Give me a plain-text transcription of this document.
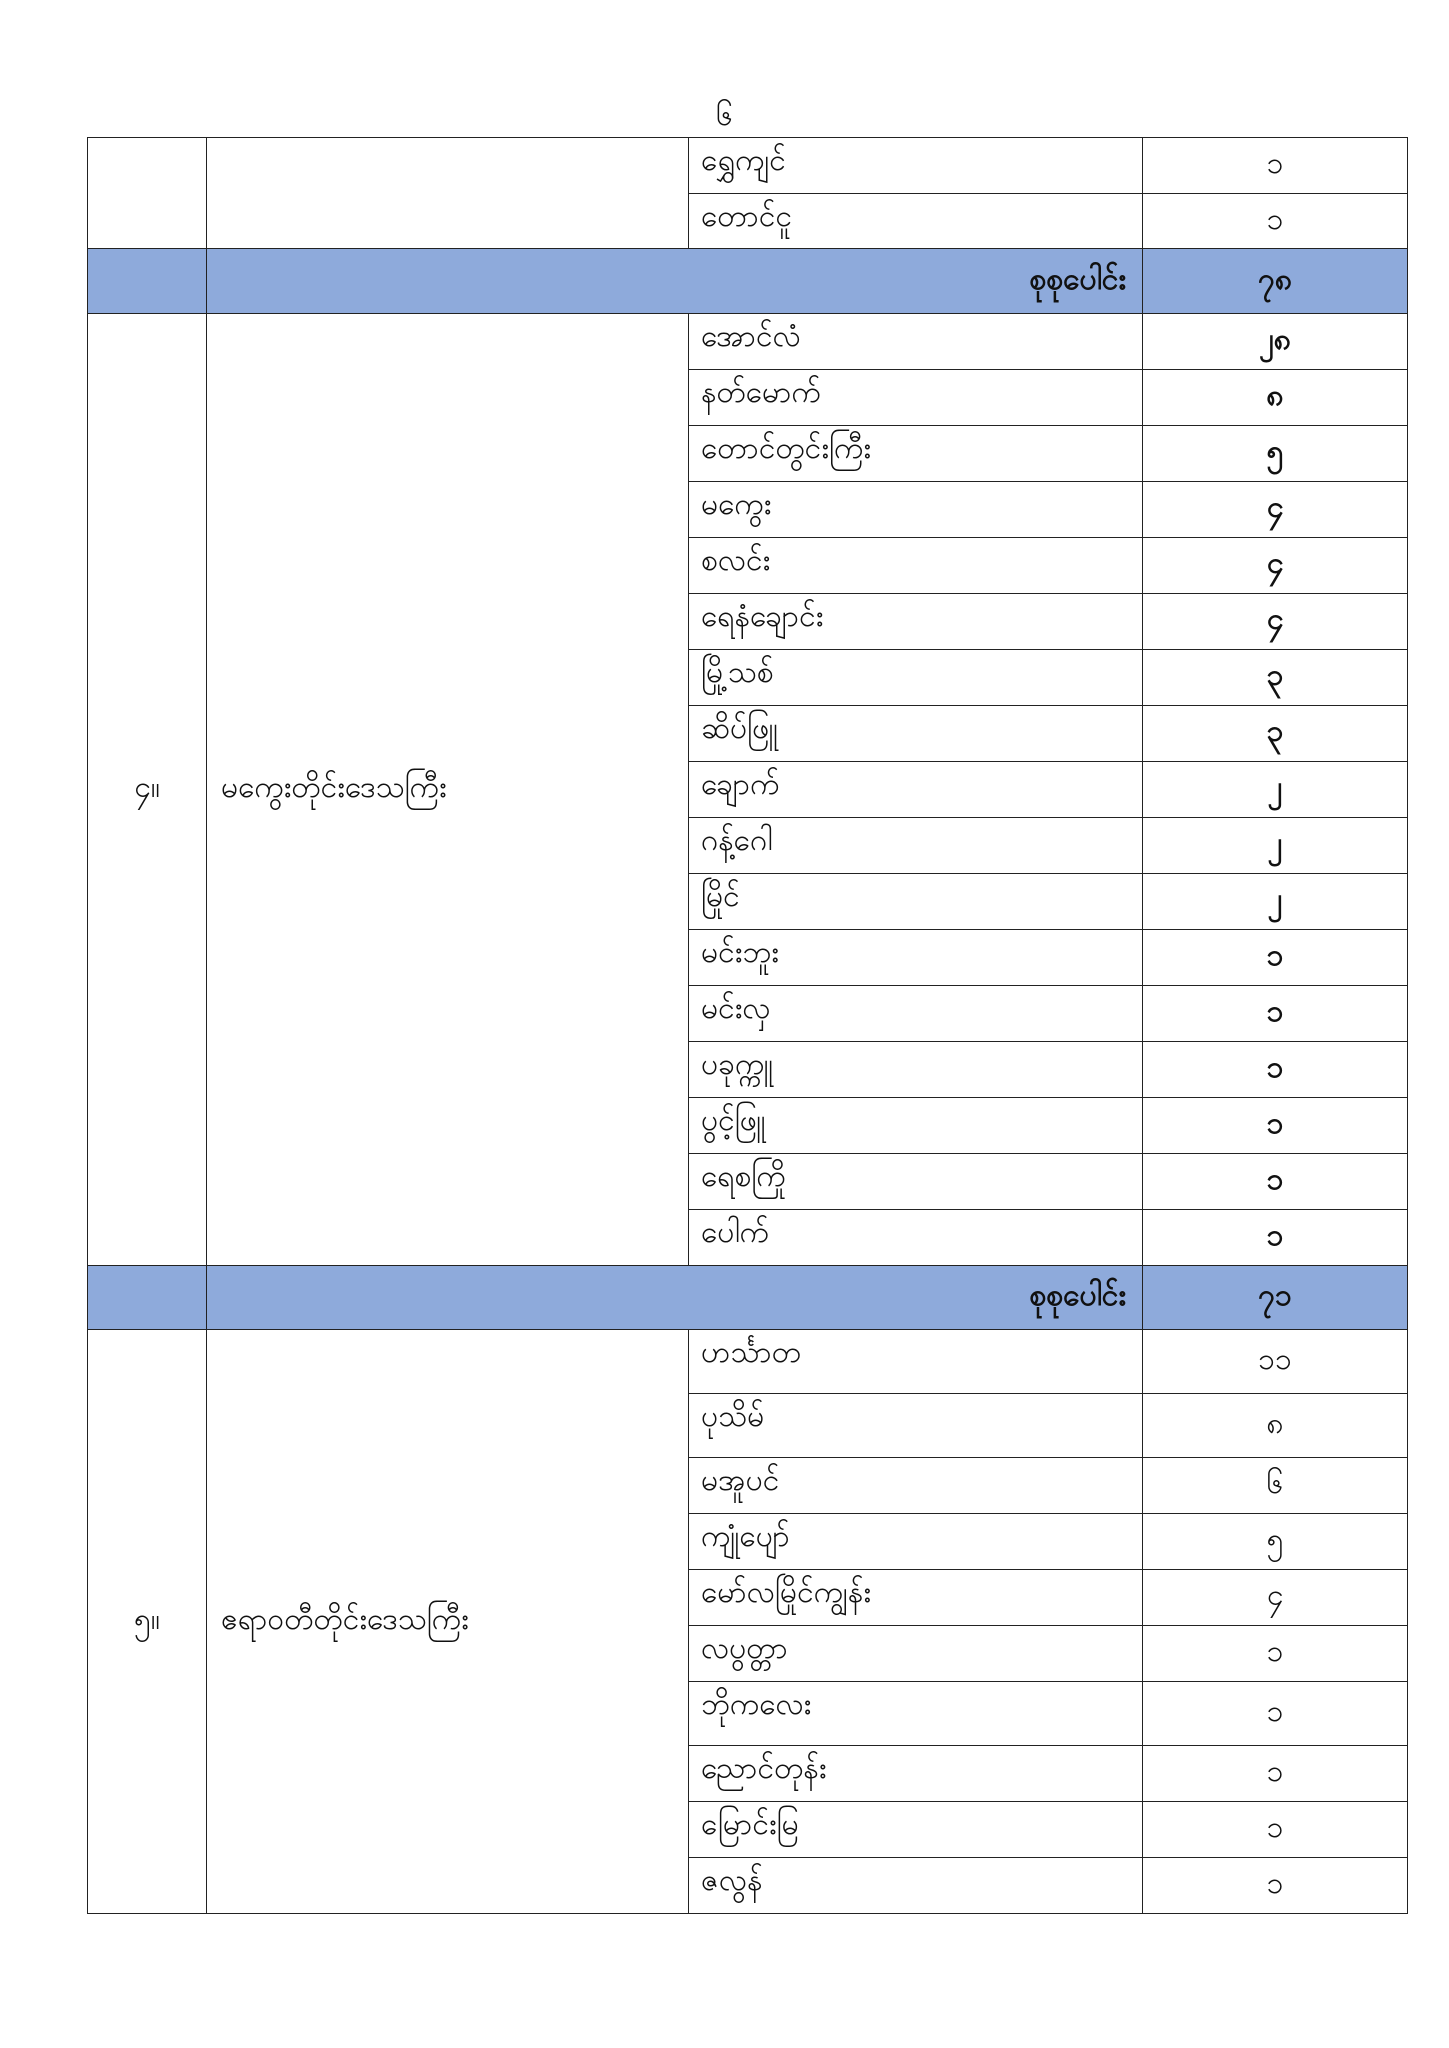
၆
		ရွှေကျင်	၁
		တောင်ငူ	၁
	စုစုပေါင်း		၇၈
၄။	မကွေးတိုင်းဒေသကြီး	အောင်လံ	၂၈
		နတ်မောက်	၈
		တောင်တွင်းကြီး	၅
		မကွေး	၄
		စလင်း	၄
		ရေနံချောင်း	၄
		မြို့သစ်	၃
		ဆိပ်ဖြူ	၃
		ချောက်	၂
		ဂန့်ဂေါ	၂
		မြိုင်	၂
		မင်းဘူး	၁
		မင်းလှ	၁
		ပခုက္ကူ	၁
		ပွင့်ဖြူ	၁
		ရေစကြို	၁
		ပေါက်	၁
	စုစုပေါင်း		၇၁
၅။	ဧရာဝတီတိုင်းဒေသကြီး	ဟင်္သာတ	၁၁
		ပုသိမ်	၈
		မအူပင်	၆
		ကျုံပျော်	၅
		မော်လမြိုင်ကျွန်း	၄
		လပွတ္တာ	၁
		ဘိုကလေး	၁
		ညောင်တုန်း	၁
		မြောင်းမြ	၁
		ဇလွန်	၁
